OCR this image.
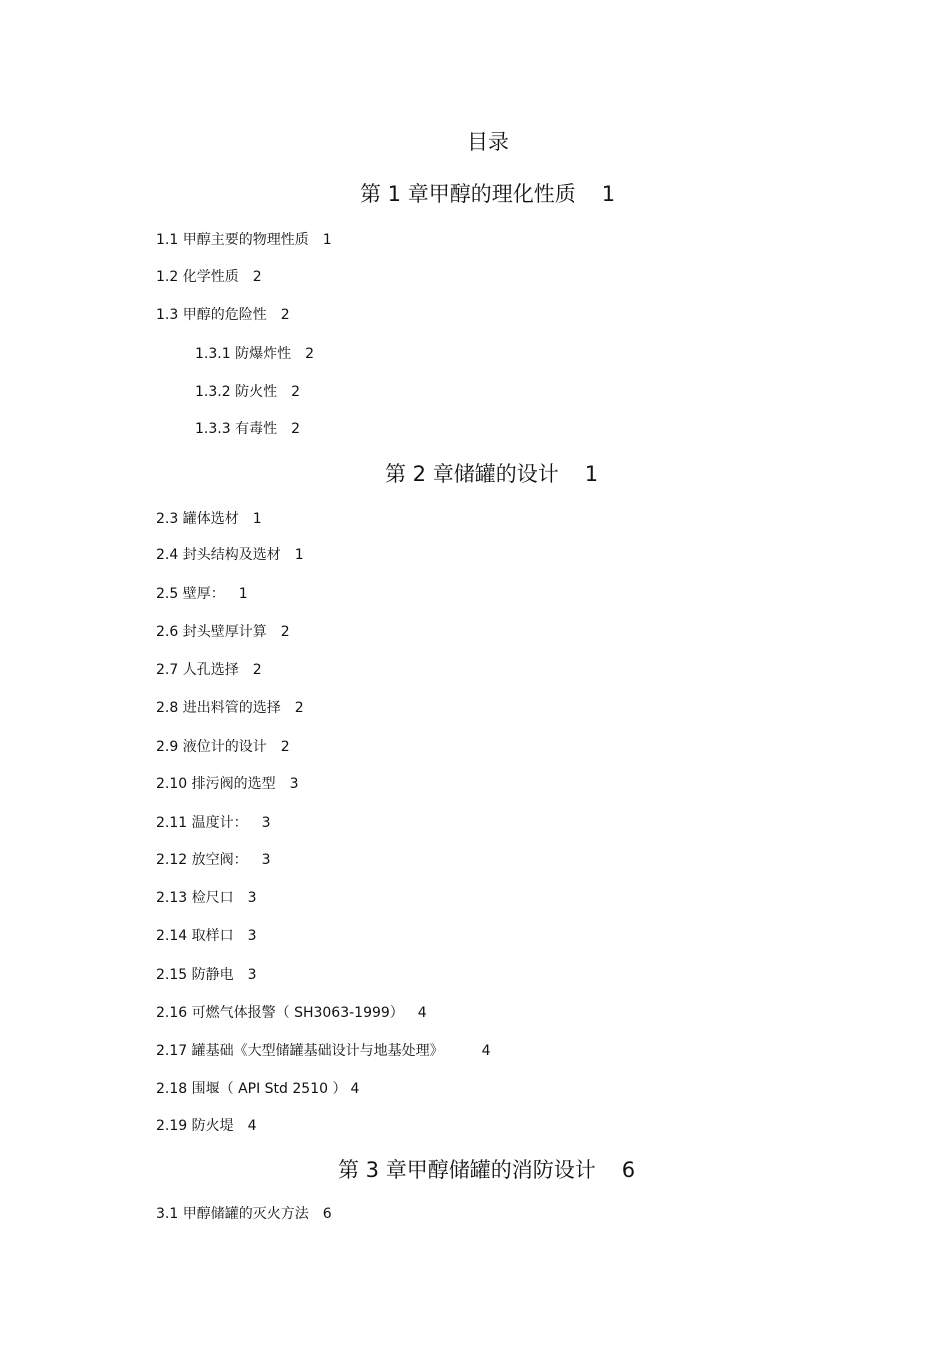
目录
第 1 章甲醇的理化性质 1
1.1 甲醇主要的物理性质 1
1.2 化学性质 2
1.3 甲醇的危险性 2
1.3.1 防爆炸性 2
1.3.2 防火性 2
1.3.3 有毒性 2
第 2 章储罐的设计 1
2.3 罐体选材 1
2.4 封头结构及选材 1
2.5 壁厚： 1
2.6 封头壁厚计算 2
2.7 人孔选择 2
2.8 进出料管的选择 2
2.9 液位计的设计 2
2.10 排污阀的选型 3
2.11 温度计： 3
2.12 放空阀： 3
2.13 检尺口 3
2.14 取样口 3
2.15 防静电 3
2.16 可燃气体报警（ SH3063-1999） 4
2.17 罐基础《大型储罐基础设计与地基处理》	4
2.18 围堰（ API Std 2510 ） 4
2.19 防火堤 4
第 3 章甲醇储罐的消防设计 6
3.1 甲醇储罐的灭火方法 6
